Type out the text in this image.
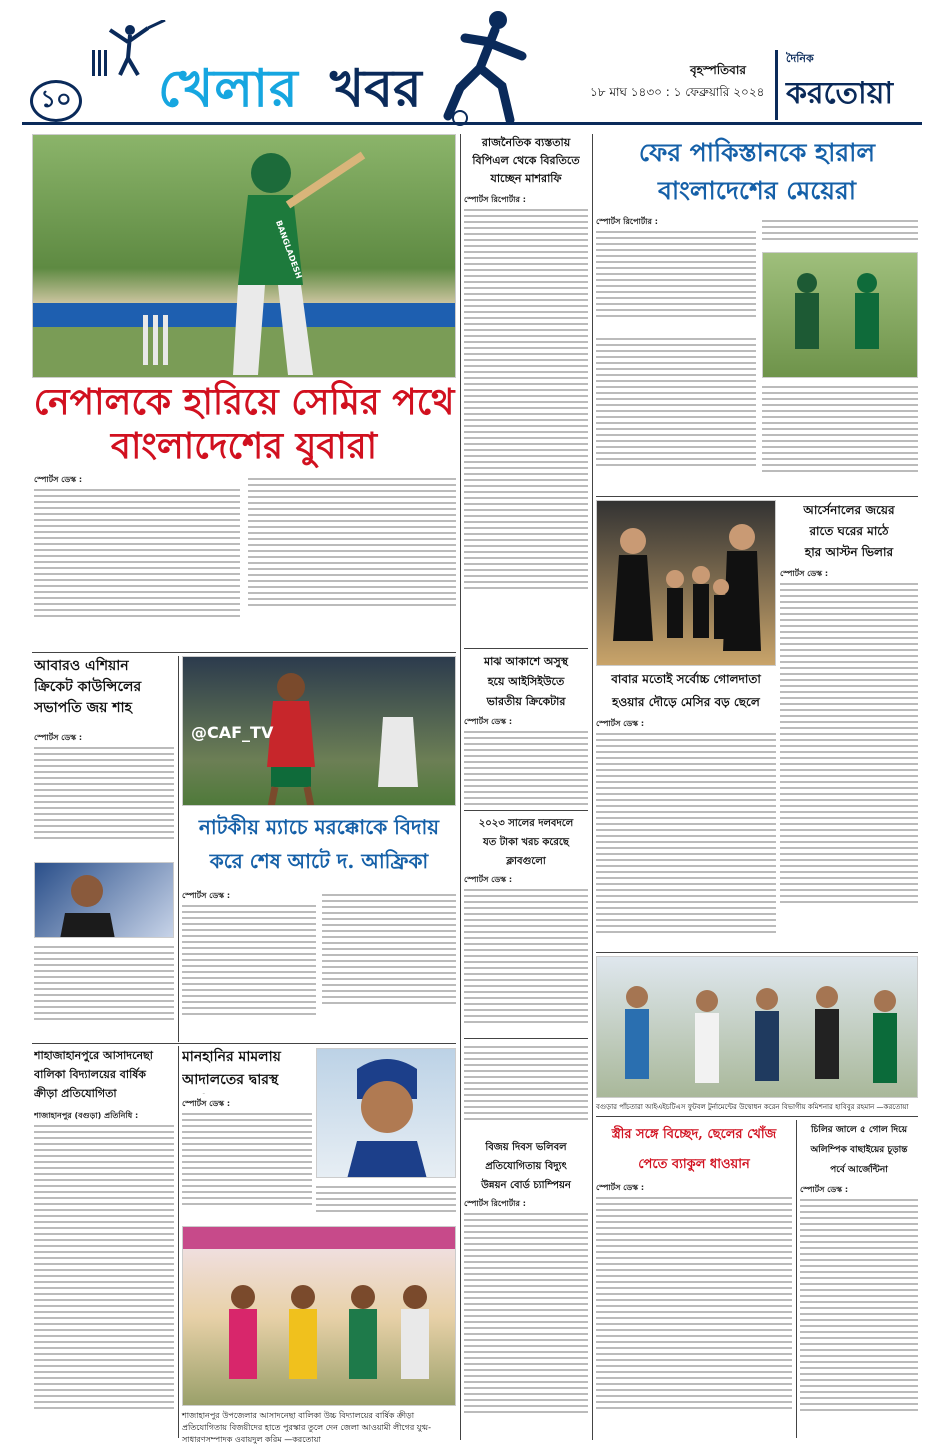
১০ খেলার খবর	বৃহস্পতিবার
১৮ মাঘ ১৪৩০ : ১ ফেব্রুয়ারি ২০২৪
দৈনিক
করতোয়া
BANGLADESH
নেপালকে হারিয়ে সেমির পথে
বাংলাদেশের যুবারা
স্পোর্টস ডেস্ক :
আবারও এশিয়ান
ক্রিকেট কাউন্সিলের
সভাপতি জয় শাহ
স্পোর্টস ডেস্ক :	@CAF_TV
নাটকীয় ম্যাচে মরক্কোকে বিদায়
করে শেষ আটে দ. আফ্রিকা
স্পোর্টস ডেস্ক :
শাহাজাহানপুরে আসাদনেছা
বালিকা বিদ্যালয়ের বার্ষিক
ক্রীড়া প্রতিযোগিতা
শাজাহানপুর (বগুড়া) প্রতিনিধি :
মানহানির মামলায়
আদালতের দ্বারস্থ
স্পোর্টস ডেস্ক :
শাজাহানপুর উপজেলার আসাদনেছা বালিকা উচ্চ বিদ্যালয়ের বার্ষিক ক্রীড়া প্রতিযোগিতায় বিজয়ীদের হাতে পুরস্কার তুলে দেন জেলা আওয়ামী লীগের যুগ্ম-সাধারণসম্পাদক ওবায়দুল করিম —করতোয়া
রাজনৈতিক ব্যস্ততায়
বিপিএল থেকে বিরতিতে
যাচ্ছেন মাশরাফি
স্পোর্টস রিপোর্টার :
মাঝ আকাশে অসুস্থ
হয়ে আইসিইউতে
ভারতীয় ক্রিকেটার
স্পোর্টস ডেস্ক :
২০২৩ সালের দলবদলে
যত টাকা খরচ করেছে
ক্লাবগুলো
স্পোর্টস ডেস্ক :
বিজয় দিবস ভলিবল
প্রতিযোগিতায় বিদ্যুৎ
উন্নয়ন বোর্ড চ্যাম্পিয়ন
স্পোর্টস রিপোর্টার :
ফের পাকিস্তানকে হারাল
বাংলাদেশের মেয়েরা
স্পোর্টস রিপোর্টার :
আর্সেনালের জয়ের
রাতে ঘরের মাঠে
হার আস্টন ভিলার
স্পোর্টস ডেস্ক :
বাবার মতোই সর্বোচ্চ গোলদাতা
হওয়ার দৌড়ে মেসির বড় ছেলে
স্পোর্টস ডেস্ক :
বগুড়ার পাঁচতারা আইএইচটিএস ফুটবল টুর্নামেন্টের উদ্বোধন করেন বিভাগীয় কমিশনার হাবিবুর রহমান —করতোয়া
স্ত্রীর সঙ্গে বিচ্ছেদ, ছেলের খোঁজ
পেতে ব্যাকুল ধাওয়ান
স্পোর্টস ডেস্ক :
চিলির জালে ৫ গোল দিয়ে
অলিম্পিক বাছাইয়ের চূড়ান্ত
পর্বে আর্জেন্টিনা
স্পোর্টস ডেস্ক :
